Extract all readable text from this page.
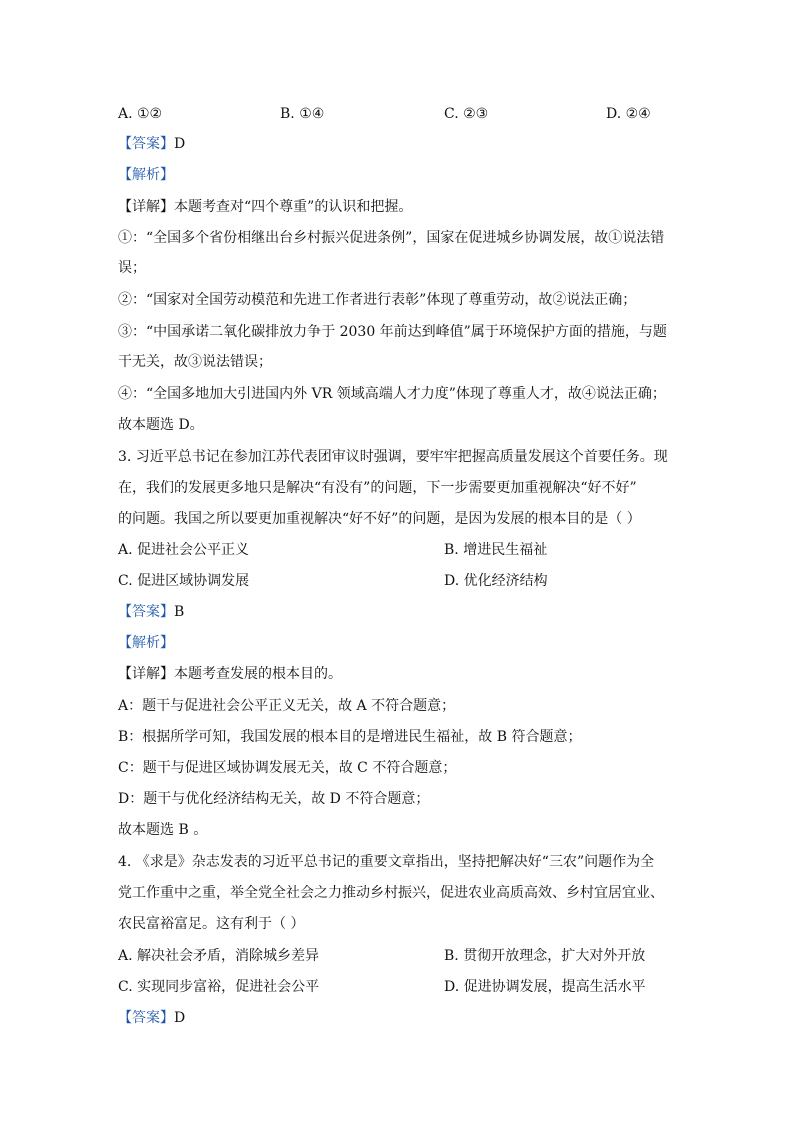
A. ①②	B. ①④	C. ②③	D. ②④
【答案】D
【解析】
【详解】本题考查对“四个尊重”的认识和把握。
①：“全国多个省份相继出台乡村振兴促进条例”，国家在促进城乡协调发展，故①说法错
误；
②：“国家对全国劳动模范和先进工作者进行表彰”体现了尊重劳动，故②说法正确；
③：“中国承诺二氧化碳排放力争于 2030 年前达到峰值”属于环境保护方面的措施，与题
干无关，故③说法错误；
④：“全国多地加大引进国内外 VR 领域高端人才力度”体现了尊重人才，故④说法正确；
故本题选 D。
3. 习近平总书记在参加江苏代表团审议时强调，要牢牢把握高质量发展这个首要任务。现
在，我们的发展更多地只是解决“有没有”的问题，下一步需要更加重视解决“好不好”
的问题。我国之所以要更加重视解决“好不好”的问题，是因为发展的根本目的是（ ）
A. 促进社会公平正义	B. 增进民生福祉
C. 促进区域协调发展	D. 优化经济结构
【答案】B
【解析】
【详解】本题考查发展的根本目的。
A：题干与促进社会公平正义无关，故 A 不符合题意；
B：根据所学可知，我国发展的根本目的是增进民生福祉，故 B 符合题意；
C：题干与促进区域协调发展无关，故 C 不符合题意；
D：题干与优化经济结构无关，故 D 不符合题意；
故本题选 B 。
4. 《求是》杂志发表的习近平总书记的重要文章指出，坚持把解决好“三农”问题作为全
党工作重中之重，举全党全社会之力推动乡村振兴，促进农业高质高效、乡村宜居宜业、
农民富裕富足。这有利于（ ）
A. 解决社会矛盾，消除城乡差异	B. 贯彻开放理念，扩大对外开放
C. 实现同步富裕，促进社会公平	D. 促进协调发展，提高生活水平
【答案】D
